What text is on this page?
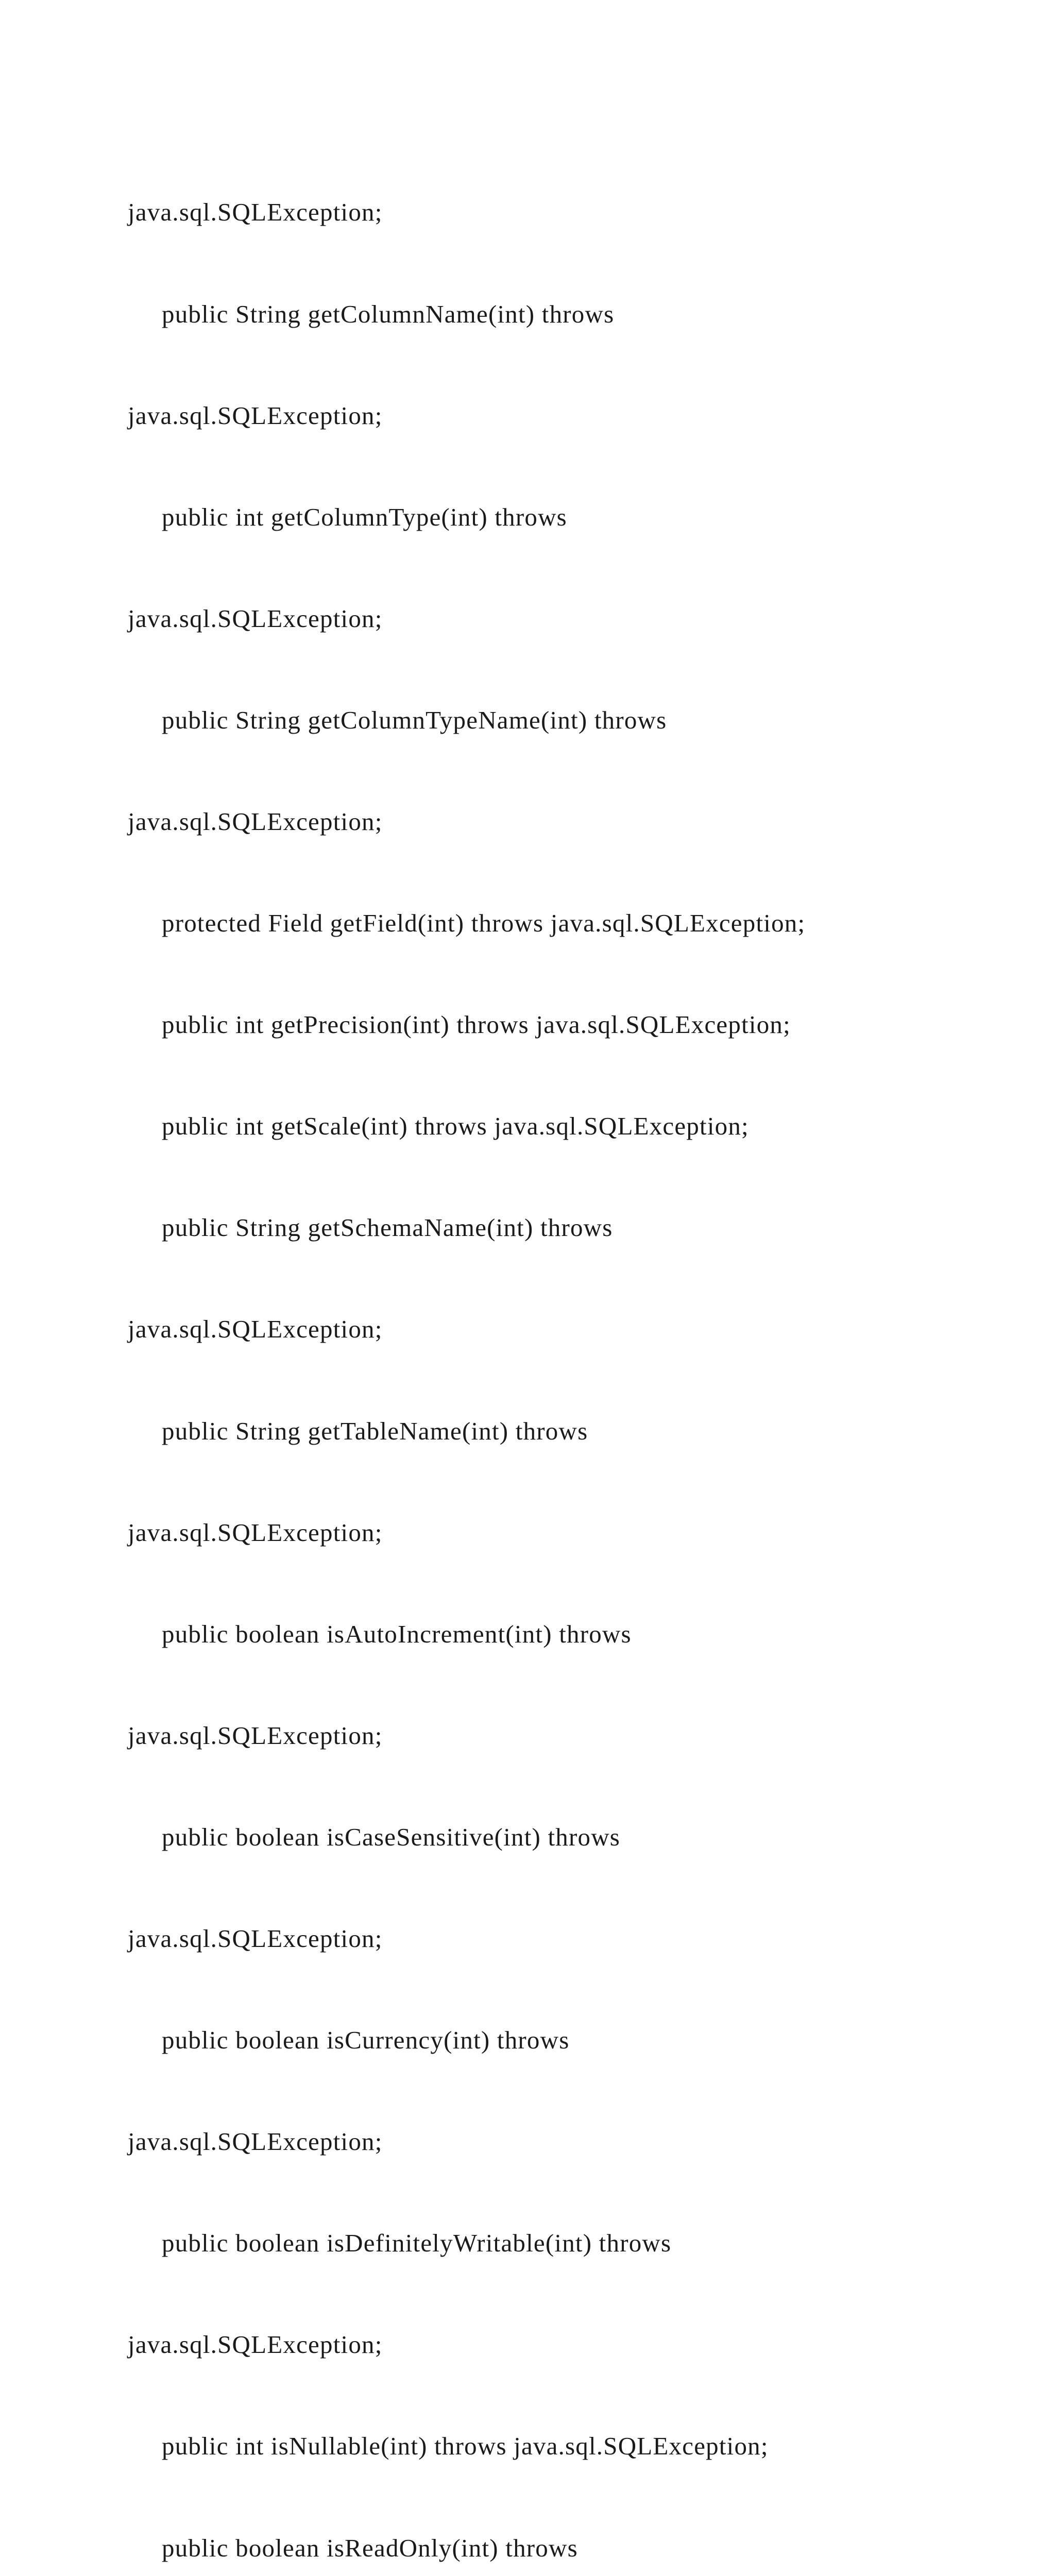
java.sql.SQLException;

public String getColumnName(int) throws

java.sql.SQLException;

public int getColumnType(int) throws

java.sql.SQLException;

public String getColumnTypeName(int) throws

java.sql.SQLException;

protected Field getField(int) throws java.sql.SQLException;

public int getPrecision(int) throws java.sql.SQLException;

public int getScale(int) throws java.sql.SQLException;

public String getSchemaName(int) throws

java.sql.SQLException;

public String getTableName(int) throws

java.sql.SQLException;

public boolean isAutoIncrement(int) throws

java.sql.SQLException;

public boolean isCaseSensitive(int) throws

java.sql.SQLException;

public boolean isCurrency(int) throws

java.sql.SQLException;

public boolean isDefinitelyWritable(int) throws

java.sql.SQLException;

public int isNullable(int) throws java.sql.SQLException;

public boolean isReadOnly(int) throws
